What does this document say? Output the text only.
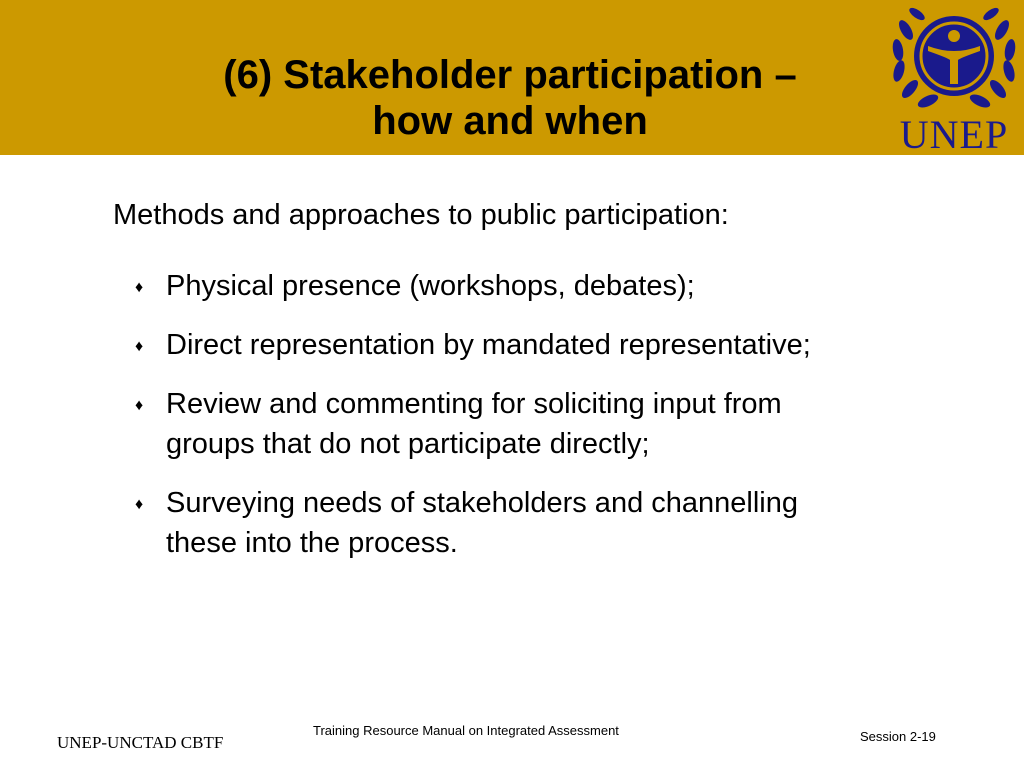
(6) Stakeholder participation –
how and when	UNEP
Methods and approaches to public participation:
♦ Physical presence (workshops, debates);
♦ Direct representation by mandated representative;
♦ Review and commenting for soliciting input from
groups that do not participate directly;
♦ Surveying needs of stakeholders and channelling
these into the process.
UNEP-UNCTAD CBTF
Training Resource Manual on Integrated Assessment	Session 2-19
